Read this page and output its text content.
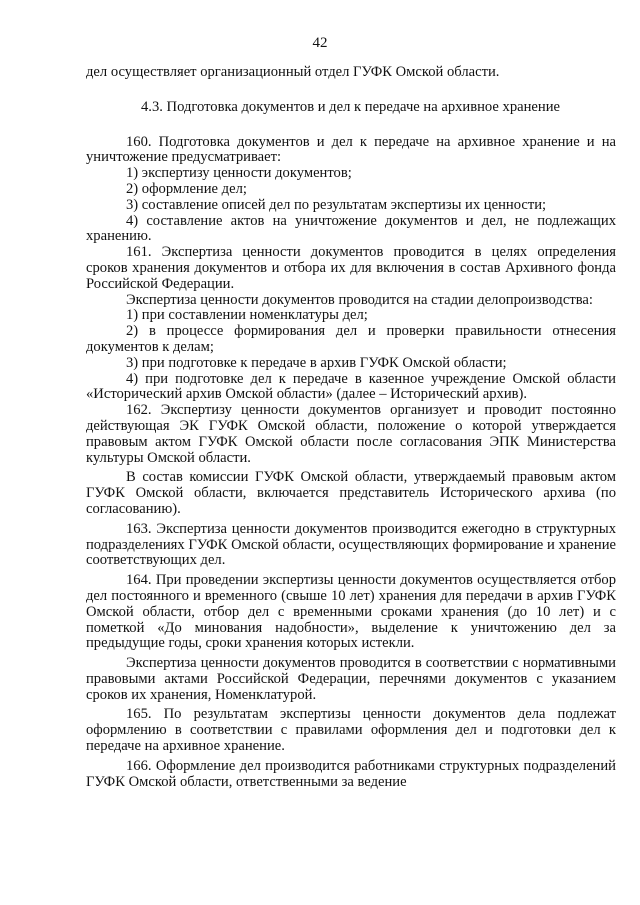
42

дел осуществляет организационный отдел ГУФК Омской области.

4.3. Подготовка документов и дел к передаче на архивное хранение

160. Подготовка документов и дел к передаче на архивное хранение и на уничтожение предусматривает:

1) экспертизу ценности документов;

2) оформление дел;

3) составление описей дел по результатам экспертизы их ценности;

4) составление актов на уничтожение документов и дел, не подлежащих хранению.

161. Экспертиза ценности документов проводится в целях определения сроков хранения документов и отбора их для включения в состав Архивного фонда Российской Федерации.

Экспертиза ценности документов проводится на стадии делопроизводства:

1) при составлении номенклатуры дел;

2) в процессе формирования дел и проверки правильности отнесения документов к делам;

3) при подготовке к передаче в архив ГУФК Омской области;

4) при подготовке дел к передаче в казенное учреждение Омской области «Исторический архив Омской области» (далее – Исторический архив).

162. Экспертизу ценности документов организует и проводит постоянно действующая ЭК ГУФК Омской области, положение о которой утверждается правовым актом ГУФК Омской области после согласования ЭПК Министерства культуры Омской области.

В состав комиссии ГУФК Омской области, утверждаемый правовым актом ГУФК Омской области, включается представитель Исторического архива (по согласованию).

163. Экспертиза ценности документов производится ежегодно в структурных подразделениях ГУФК Омской области, осуществляющих формирование и хранение соответствующих дел.

164. При проведении экспертизы ценности документов осуществляется отбор дел постоянного и временного (свыше 10 лет) хранения для передачи в архив ГУФК Омской области, отбор дел с временными сроками хранения (до 10 лет) и с пометкой «До минования надобности», выделение к уничтожению дел за предыдущие годы, сроки хранения которых истекли.

Экспертиза ценности документов проводится в соответствии с нормативными правовыми актами Российской Федерации, перечнями документов с указанием сроков их хранения, Номенклатурой.

165. По результатам экспертизы ценности документов дела подлежат оформлению в соответствии с правилами оформления дел и подготовки дел к передаче на архивное хранение.

166. Оформление дел производится работниками структурных подразделений ГУФК Омской области, ответственными за ведение
